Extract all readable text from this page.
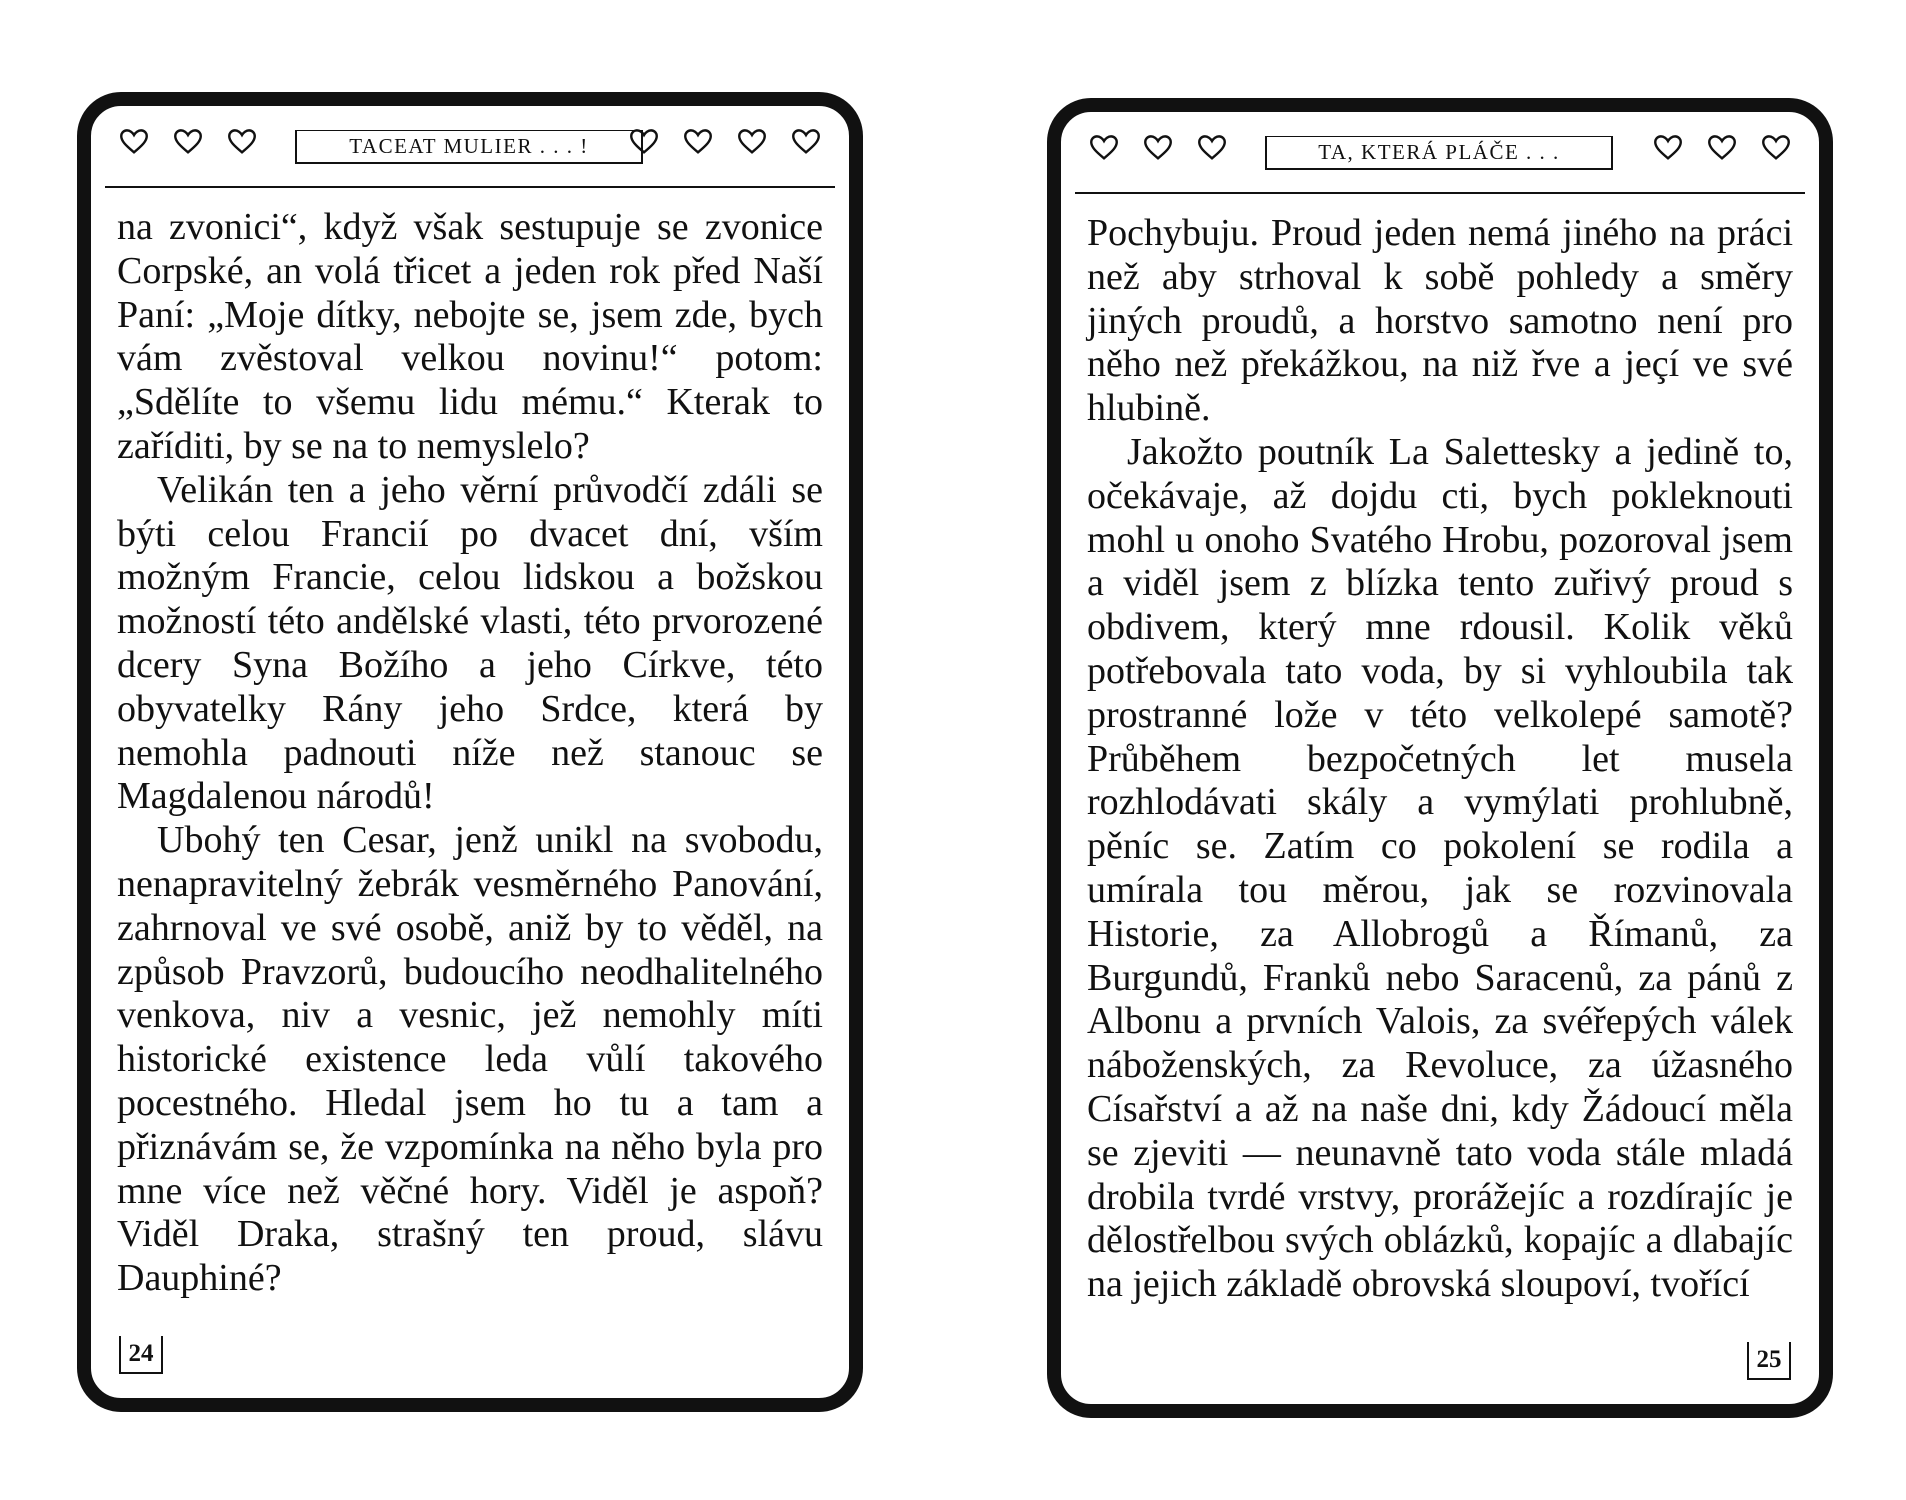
TACEAT MULIER . . . !

na zvonici“, když však sestupuje se zvonice Corpské, an volá třicet a jeden rok před Naší Paní: „Moje dítky, nebojte se, jsem zde, bych vám zvěstoval velkou novinu!“ potom: „Sdělíte to všemu lidu mému.“ Kterak to zaříditi, by se na to nemyslelo?

Velikán ten a jeho věrní průvodčí zdáli se býti celou Francií po dvacet dní, vším možným Francie, celou lidskou a božskou možností této andělské vlasti, této prvorozené dcery Syna Božího a jeho Církve, této obyvatelky Rány jeho Srdce, která by nemohla padnouti níže než stanouc se Magdalenou národů!

Ubohý ten Cesar, jenž unikl na svobodu, nenapravitelný žebrák vesměrného Panování, zahrnoval ve své osobě, aniž by to věděl, na způsob Pravzorů, budoucího neodhalitelného venkova, niv a vesnic, jež nemohly míti historické existence leda vůlí takového pocestného. Hledal jsem ho tu a tam a přiznávám se, že vzpomínka na něho byla pro mne více než věčné hory. Viděl je aspoň? Viděl Draka, strašný ten proud, slávu Dauphiné?

24
TA, KTERÁ PLÁČE . . .

Pochybuju. Proud jeden nemá jiného na práci než aby strhoval k sobě pohledy a směry jiných proudů, a horstvo samotno není pro něho než překážkou, na niž řve a jeçí ve své hlubině.

Jakožto poutník La Salettesky a jedině to, očekávaje, až dojdu cti, bych pokleknouti mohl u onoho Svatého Hrobu, pozoroval jsem a viděl jsem z blízka tento zuřivý proud s obdivem, který mne rdousil. Kolik věků potřebovala tato voda, by si vyhloubila tak prostranné lože v této velkolepé samotě? Průběhem bezpočetných let musela rozhlodávati skály a vymýlati prohlubně, pěníc se. Zatím co pokolení se rodila a umírala tou měrou, jak se rozvinovala Historie, za Allobrogů a Římanů, za Burgundů, Franků nebo Saracenů, za pánů z Albonu a prvních Valois, za svéřepých válek náboženských, za Revoluce, za úžasného Císařství a až na naše dni, kdy Žádoucí měla se zjeviti — neunavně tato voda stále mladá drobila tvrdé vrstvy, prorážejíc a rozdírajíc je dělostřelbou svých oblázků, kopajíc a dlabajíc na jejich základě obrovská sloupoví, tvořící

25
